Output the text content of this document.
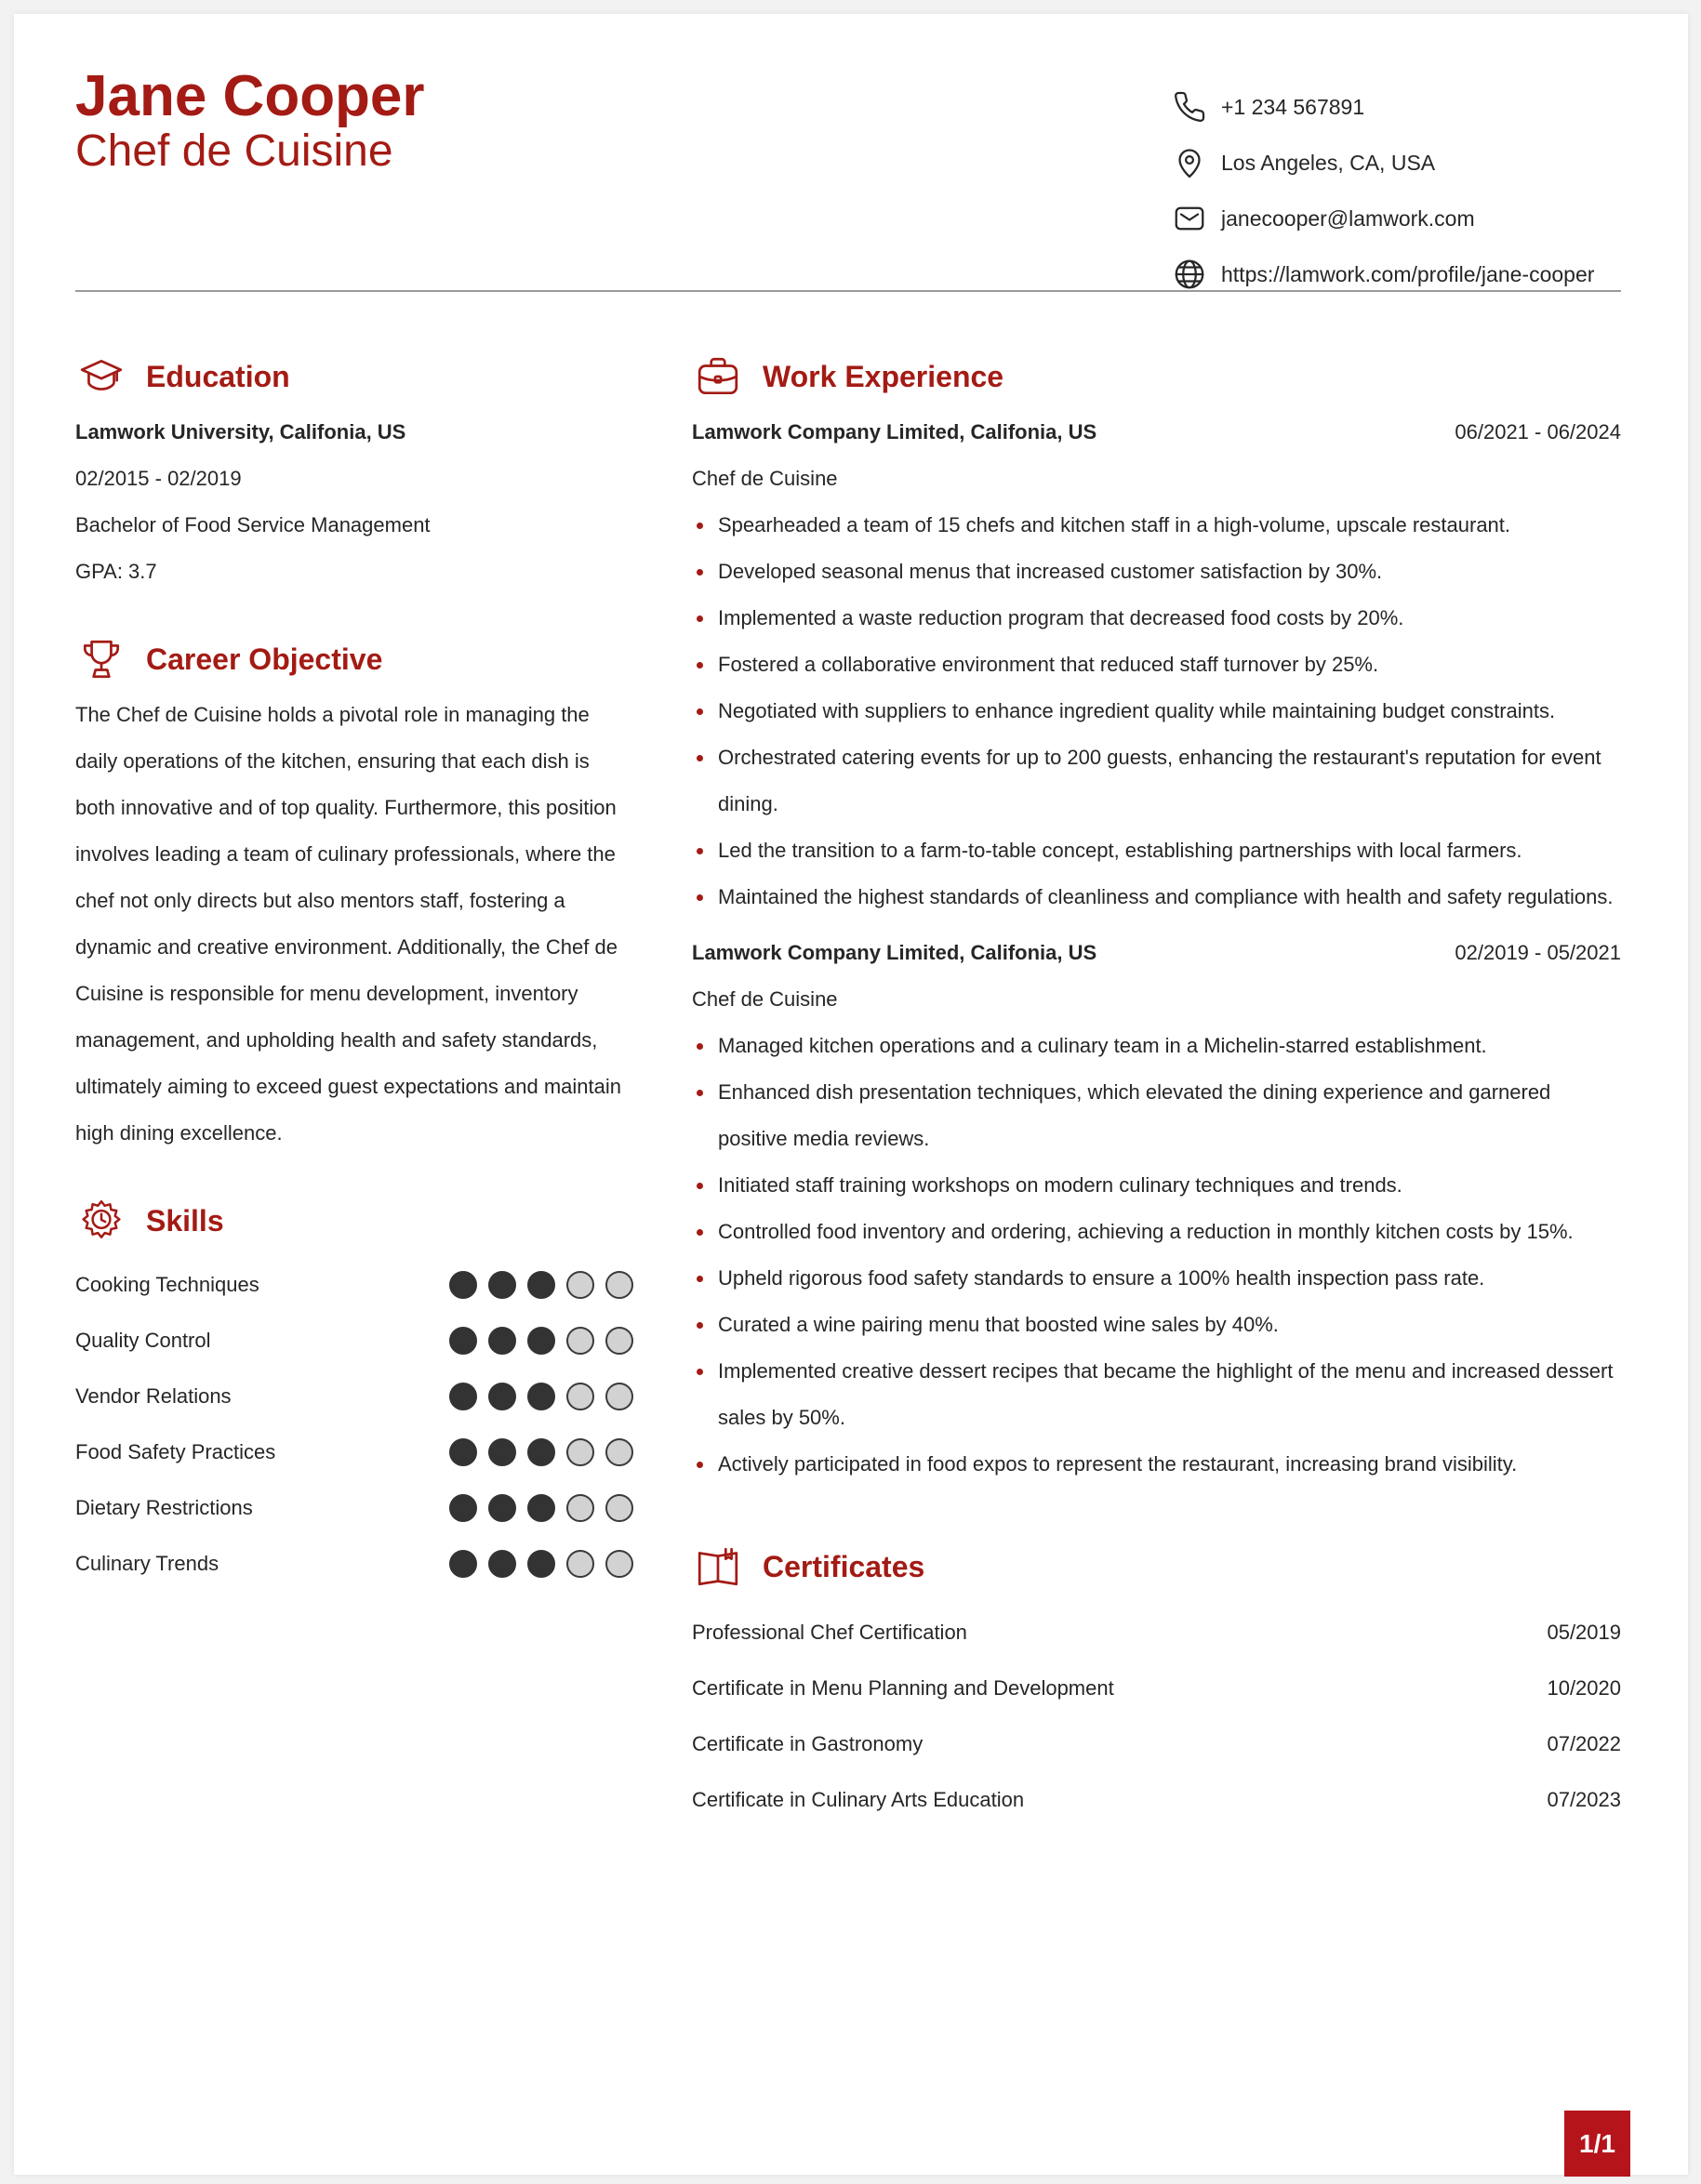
Jane Cooper
Chef de Cuisine
+1 234 567891
Los Angeles, CA, USA
janecooper@lamwork.com
https://lamwork.com/profile/jane-cooper
Education
Lamwork University, Califonia, US
02/2015 - 02/2019
Bachelor of Food Service Management
GPA: 3.7
Career Objective

The Chef de Cuisine holds a pivotal role in managing the daily operations of the kitchen, ensuring that each dish is both innovative and of top quality. Furthermore, this position involves leading a team of culinary professionals, where the chef not only directs but also mentors staff, fostering a dynamic and creative environment. Additionally, the Chef de Cuisine is responsible for menu development, inventory management, and upholding health and safety standards, ultimately aiming to exceed guest expectations and maintain high dining excellence.

Skills
Cooking Techniques
Quality Control
Vendor Relations
Food Safety Practices
Dietary Restrictions
Culinary Trends
Work Experience
Lamwork Company Limited, Califonia, US	06/2021 - 06/2024
Chef de Cuisine
Spearheaded a team of 15 chefs and kitchen staff in a high-volume, upscale restaurant.
Developed seasonal menus that increased customer satisfaction by 30%.
Implemented a waste reduction program that decreased food costs by 20%.
Fostered a collaborative environment that reduced staff turnover by 25%.
Negotiated with suppliers to enhance ingredient quality while maintaining budget constraints.
Orchestrated catering events for up to 200 guests, enhancing the restaurant's reputation for event dining.
Led the transition to a farm-to-table concept, establishing partnerships with local farmers.
Maintained the highest standards of cleanliness and compliance with health and safety regulations.
Lamwork Company Limited, Califonia, US	02/2019 - 05/2021
Chef de Cuisine
Managed kitchen operations and a culinary team in a Michelin-starred establishment.
Enhanced dish presentation techniques, which elevated the dining experience and garnered positive media reviews.
Initiated staff training workshops on modern culinary techniques and trends.
Controlled food inventory and ordering, achieving a reduction in monthly kitchen costs by 15%.
Upheld rigorous food safety standards to ensure a 100% health inspection pass rate.
Curated a wine pairing menu that boosted wine sales by 40%.
Implemented creative dessert recipes that became the highlight of the menu and increased dessert sales by 50%.
Actively participated in food expos to represent the restaurant, increasing brand visibility.
Certificates
Professional Chef Certification	05/2019
Certificate in Menu Planning and Development	10/2020
Certificate in Gastronomy	07/2022
Certificate in Culinary Arts Education	07/2023
1/1
